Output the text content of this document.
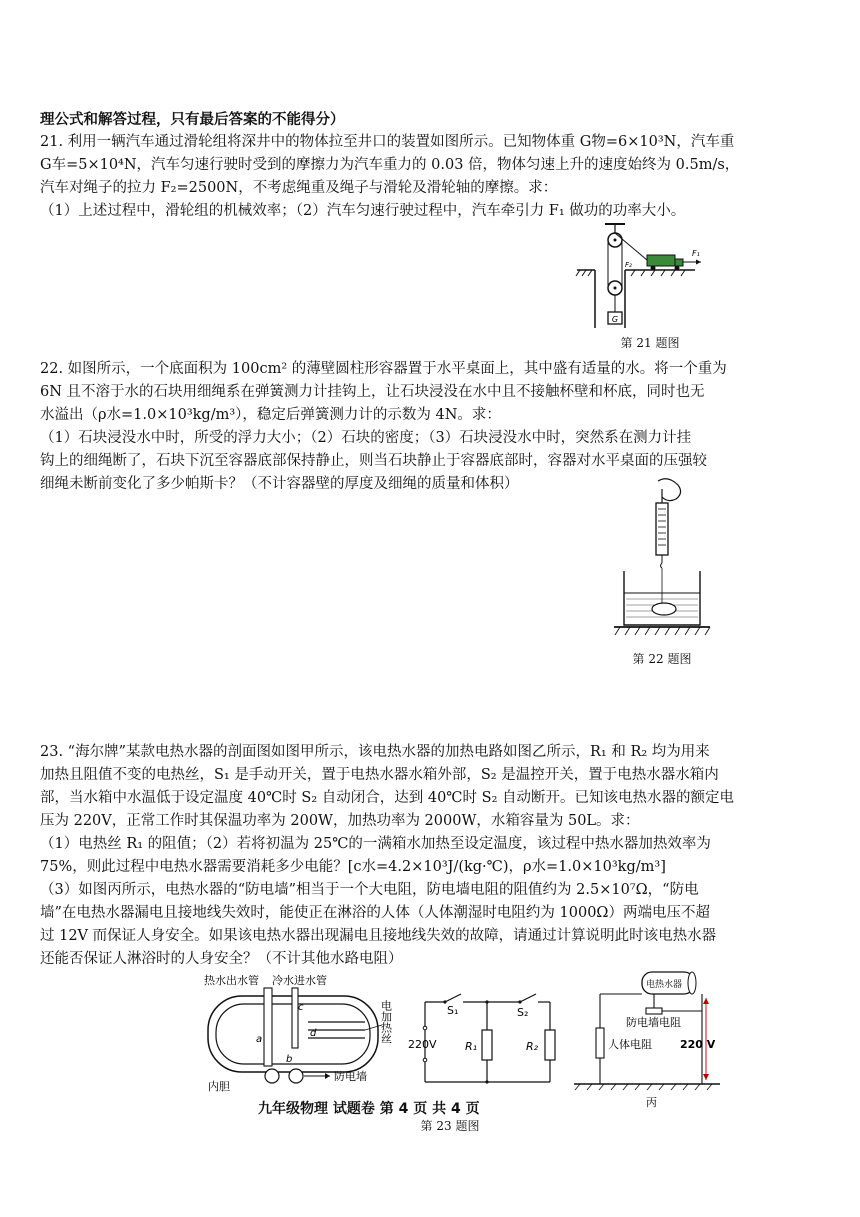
理公式和解答过程，只有最后答案的不能得分）
21. 利用一辆汽车通过滑轮组将深井中的物体拉至井口的装置如图所示。已知物体重 G物=6×10³N，汽车重
G车=5×10⁴N，汽车匀速行驶时受到的摩擦力为汽车重力的 0.03 倍，物体匀速上升的速度始终为 0.5m/s，
汽车对绳子的拉力 F₂=2500N，不考虑绳重及绳子与滑轮及滑轮轴的摩擦。求：
（1）上述过程中，滑轮组的机械效率；（2）汽车匀速行驶过程中，汽车牵引力 F₁ 做功的功率大小。
G
F₁
F₂
第 21 题图
22. 如图所示，一个底面积为 100cm² 的薄壁圆柱形容器置于水平桌面上，其中盛有适量的水。将一个重为
6N 且不溶于水的石块用细绳系在弹簧测力计挂钩上，让石块浸没在水中且不接触杯壁和杯底，同时也无
水溢出（ρ水=1.0×10³kg/m³），稳定后弹簧测力计的示数为 4N。求：
（1）石块浸没水中时，所受的浮力大小；（2）石块的密度；（3）石块浸没水中时，突然系在测力计挂
钩上的细绳断了，石块下沉至容器底部保持静止，则当石块静止于容器底部时，容器对水平桌面的压强较
细绳未断前变化了多少帕斯卡？（不计容器壁的厚度及细绳的质量和体积）
第 22 题图
23. “海尔牌”某款电热水器的剖面图如图甲所示，该电热水器的加热电路如图乙所示，R₁ 和 R₂ 均为用来
加热且阻值不变的电热丝，S₁ 是手动开关，置于电热水器水箱外部，S₂ 是温控开关，置于电热水器水箱内
部，当水箱中水温低于设定温度 40℃时 S₂ 自动闭合，达到 40℃时 S₂ 自动断开。已知该电热水器的额定电
压为 220V，正常工作时其保温功率为 200W，加热功率为 2000W，水箱容量为 50L。求：
（1）电热丝 R₁ 的阻值；（2）若将初温为 25℃的一满箱水加热至设定温度，该过程中热水器加热效率为
75%，则此过程中电热水器需要消耗多少电能？[c水=4.2×10³J/(kg·℃)，ρ水=1.0×10³kg/m³]
（3）如图丙所示，电热水器的“防电墙”相当于一个大电阻，防电墙电阻的阻值约为 2.5×10⁷Ω，“防电
墙”在电热水器漏电且接地线失效时，能使正在淋浴的人体（人体潮湿时电阻约为 1000Ω）两端电压不超
过 12V 而保证人身安全。如果该电热水器出现漏电且接地线失效的故障，请通过计算说明此时该电热水器
还能否保证人淋浴时的人身安全？（不计其他水路电阻）
热水出水管 冷水进水管
a
c
b
d	电加热丝
防电墙
内胆
S₁	S₂
R₁	R₂
220V
电热水器
人体电阻
防电墙电阻
220 V
丙
九年级物理 试题卷 第 4 页 共 4 页
第 23 题图
